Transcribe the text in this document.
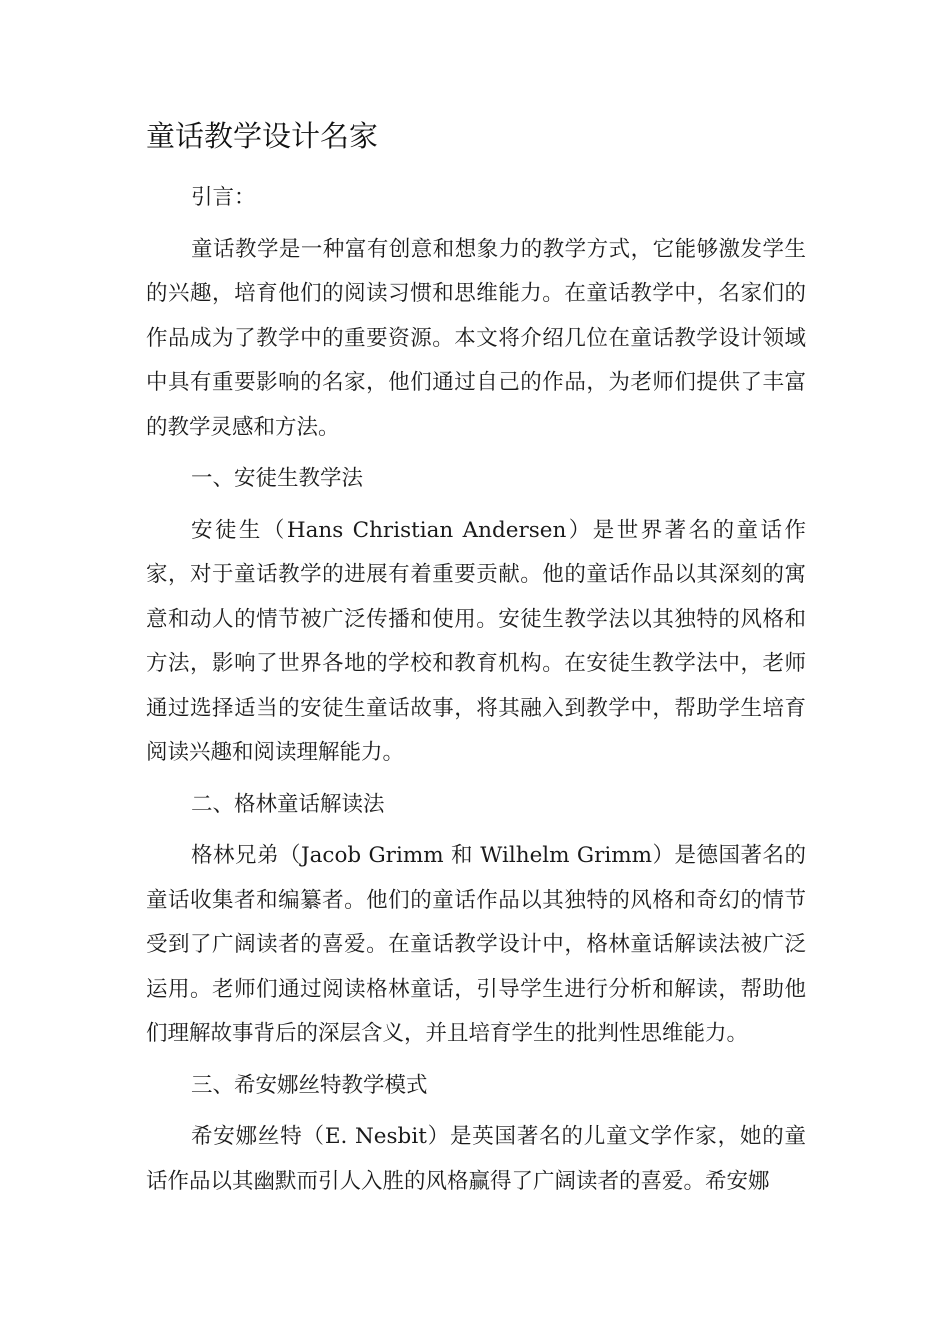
童话教学设计名家

引言：

童话教学是一种富有创意和想象力的教学方式，它能够激发学生的兴趣，培育他们的阅读习惯和思维能力。在童话教学中，名家们的作品成为了教学中的重要资源。本文将介绍几位在童话教学设计领域中具有重要影响的名家，他们通过自己的作品，为老师们提供了丰富的教学灵感和方法。

一、安徒生教学法

安徒生（Hans Christian Andersen）是世界著名的童话作家，对于童话教学的进展有着重要贡献。他的童话作品以其深刻的寓意和动人的情节被广泛传播和使用。安徒生教学法以其独特的风格和方法，影响了世界各地的学校和教育机构。在安徒生教学法中，老师通过选择适当的安徒生童话故事，将其融入到教学中，帮助学生培育阅读兴趣和阅读理解能力。

二、格林童话解读法

格林兄弟（Jacob Grimm 和 Wilhelm Grimm）是德国著名的童话收集者和编纂者。他们的童话作品以其独特的风格和奇幻的情节受到了广阔读者的喜爱。在童话教学设计中，格林童话解读法被广泛运用。老师们通过阅读格林童话，引导学生进行分析和解读，帮助他们理解故事背后的深层含义，并且培育学生的批判性思维能力。

三、希安娜丝特教学模式

希安娜丝特（E. Nesbit）是英国著名的儿童文学作家，她的童话作品以其幽默而引人入胜的风格赢得了广阔读者的喜爱。希安娜
